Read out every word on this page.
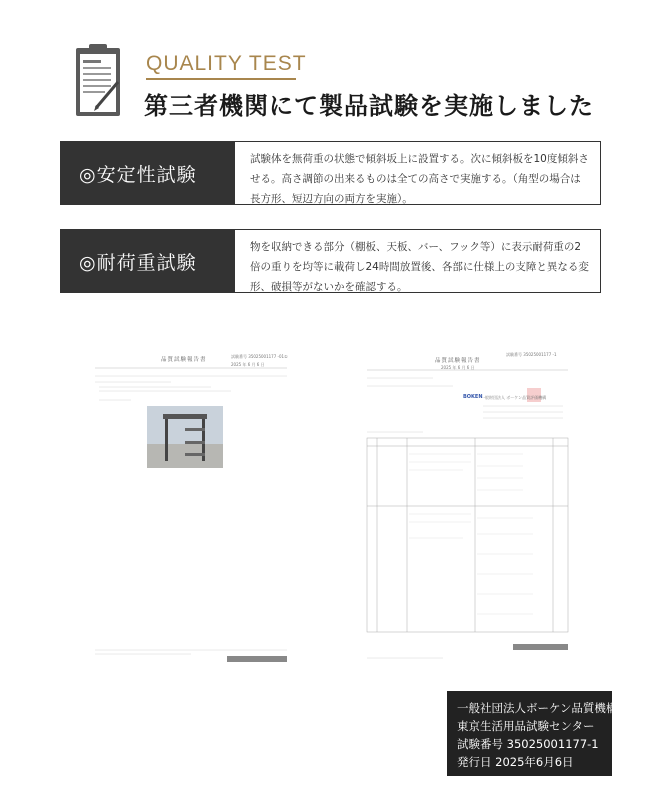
QUALITY TEST
第三者機関にて製品試験を実施しました
◎安定性試験
試験体を無荷重の状態で傾斜坂上に設置する。次に傾斜板を10度傾斜させる。高さ調節の出来るものは全ての高さで実施する。（角型の場合は長方形、短辺方向の両方を実施）。
◎耐荷重試験
物を収納できる部分（棚板、天板、バー、フック等）に表示耐荷重の2倍の重りを均等に載荷し24時間放置後、各部に仕様上の支障と異なる変形、破損等がないかを確認する。
品質試験報告書
試験番号 35025001177 -01①
2025 年 6 月 6 日
品質試験報告書
試験番号 35025001177 -1
2025 年 6 月 6 日
BOKEN
一般財団法人 ボーケン品質評価機構
一般社団法人ボーケン品質機構
東京生活用品試験センター
試験番号 35025001177-1
発行日 2025年6月6日
